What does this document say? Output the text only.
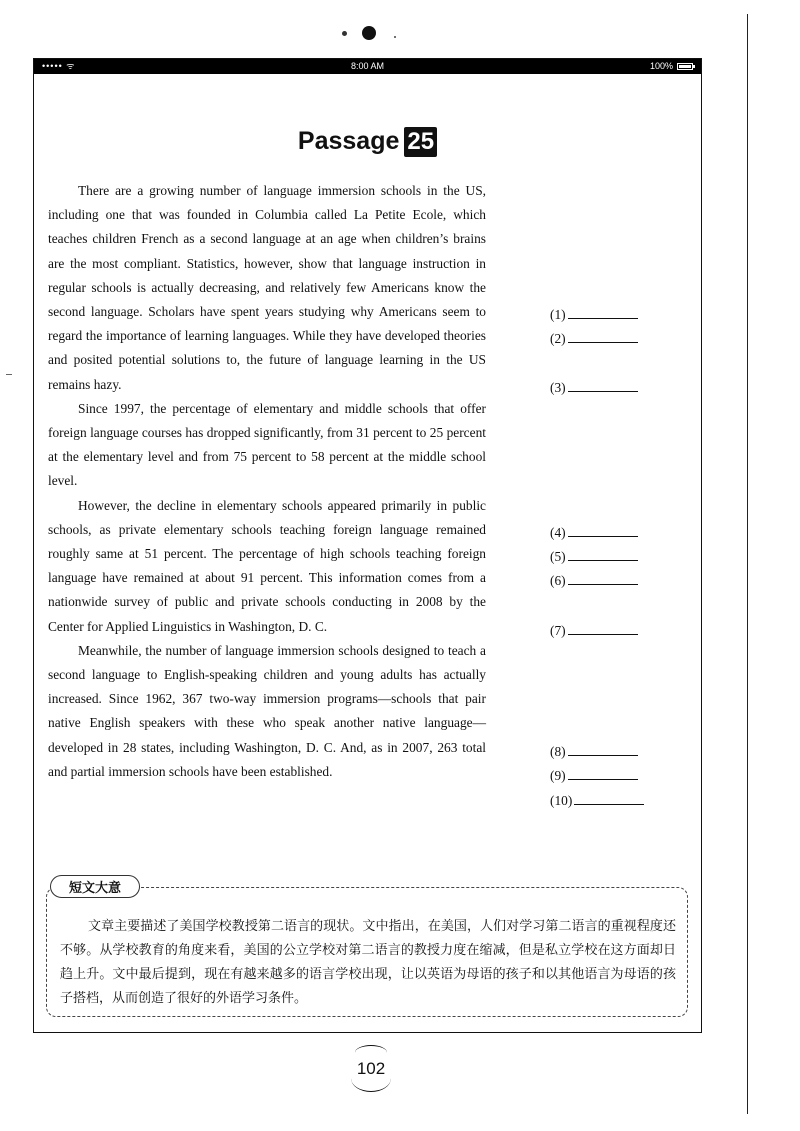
••••• ᯤ	8:00 AM	100%
Passage 25

There are a growing number of language immersion schools in the US, including one that was founded in Columbia called La Petite Ecole, which teaches children French as a second language at an age when children’s brains are the most compliant. Statistics, however, show that language instruction in regular schools is actually decreasing, and relatively few Americans know the second language. Scholars have spent years studying why Americans seem to regard the importance of learning languages. While they have developed theories and posited potential solutions to, the future of language learning in the US remains hazy.

Since 1997, the percentage of elementary and middle schools that offer foreign language courses has dropped significantly, from 31 percent to 25 percent at the elementary level and from 75 percent to 58 percent at the middle school level.

However, the decline in elementary schools appeared primarily in public schools, as private elementary schools teaching foreign language remained roughly same at 51 percent. The percentage of high schools teaching foreign language have remained at about 91 percent. This information comes from a nationwide survey of public and private schools conducting in 2008 by the Center for Applied Linguistics in Washington, D. C.

Meanwhile, the number of language immersion schools designed to teach a second language to English-speaking children and young adults has actually increased. Since 1962, 367 two-way immersion programs—schools that pair native English speakers with these who speak another native language—developed in 28 states, including Washington, D. C. And, as in 2007, 263 total and partial immersion schools have been established.

(1)
(2)
(3)
(4)
(5)
(6)
(7)
(8)
(9)
(10)
短文大意
文章主要描述了美国学校教授第二语言的现状。文中指出，在美国，人们对学习第二语言的重视程度还不够。从学校教育的角度来看，美国的公立学校对第二语言的教授力度在缩减，但是私立学校在这方面却日趋上升。文中最后提到，现在有越来越多的语言学校出现，让以英语为母语的孩子和以其他语言为母语的孩子搭档，从而创造了很好的外语学习条件。
102
